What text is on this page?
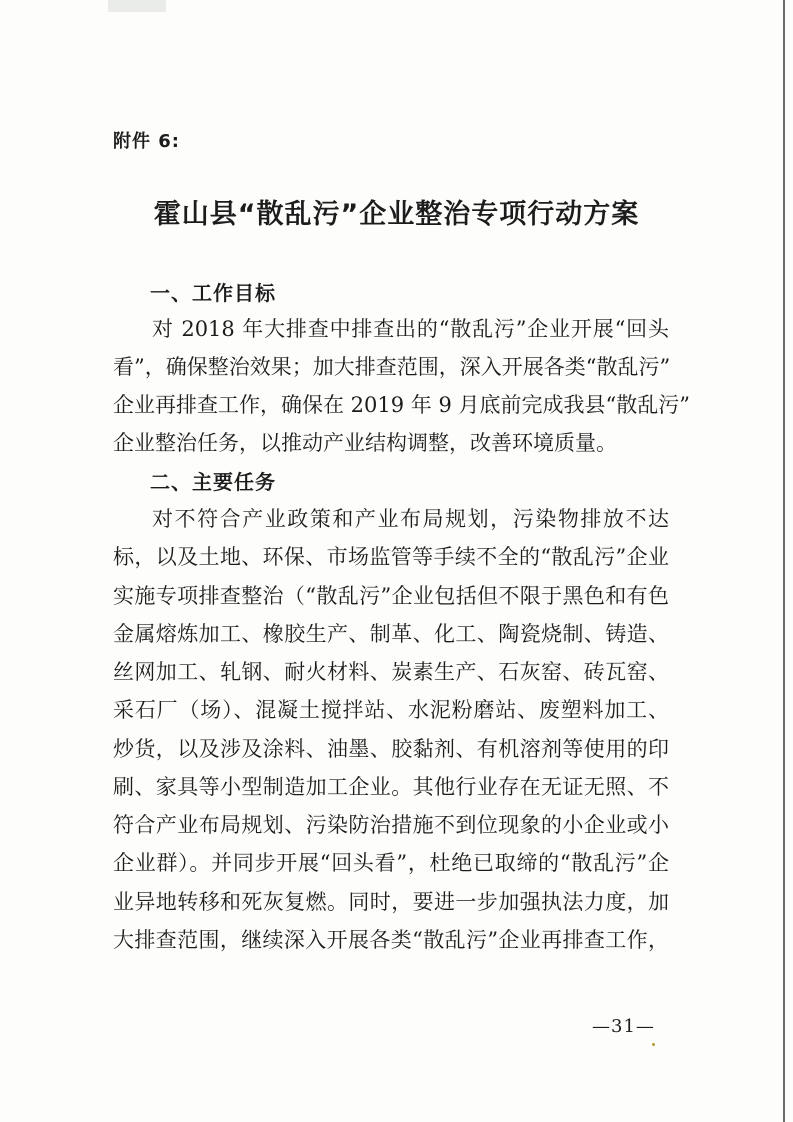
附件 6:
霍山县“散乱污”企业整治专项行动方案
一、工作目标
对 2018 年大排查中排查出的“散乱污”企业开展“回头
看”，确保整治效果；加大排查范围，深入开展各类“散乱污”
企业再排查工作，确保在 2019 年 9 月底前完成我县“散乱污”
企业整治任务，以推动产业结构调整，改善环境质量。
二、主要任务
对不符合产业政策和产业布局规划，污染物排放不达
标，以及土地、环保、市场监管等手续不全的“散乱污”企业
实施专项排查整治（“散乱污”企业包括但不限于黑色和有色
金属熔炼加工、橡胶生产、制革、化工、陶瓷烧制、铸造、
丝网加工、轧钢、耐火材料、炭素生产、石灰窑、砖瓦窑、
采石厂（场）、混凝土搅拌站、水泥粉磨站、废塑料加工、
炒货，以及涉及涂料、油墨、胶黏剂、有机溶剂等使用的印
刷、家具等小型制造加工企业。其他行业存在无证无照、不
符合产业布局规划、污染防治措施不到位现象的小企业或小
企业群）。并同步开展“回头看”，杜绝已取缔的“散乱污”企
业异地转移和死灰复燃。同时，要进一步加强执法力度，加
大排查范围，继续深入开展各类“散乱污”企业再排查工作，
—31—
